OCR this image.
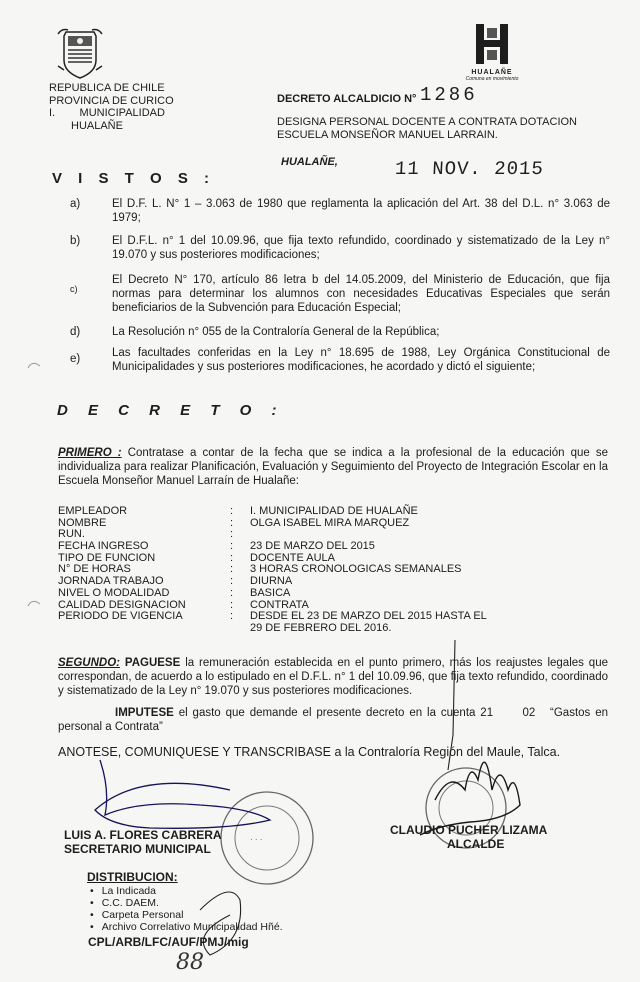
REPUBLICA DE CHILE
PROVINCIA DE CURICO
I.        MUNICIPALIDAD
HUALAÑE
HUALAÑE
Comuna en movimiento
DECRETO ALCALDICIO N° 1286
DESIGNA PERSONAL DOCENTE A CONTRATA DOTACION ESCUELA MONSEÑOR MANUEL LARRAIN.
HUALAÑE,	11 NOV. 2015
V I S T O S :
a)	El D.F. L. N° 1 – 3.063 de 1980 que reglamenta la aplicación del Art. 38 del D.L. n° 3.063 de 1979;
b)	El D.F.L. n° 1 del 10.09.96, que fija texto refundido, coordinado y sistematizado de la Ley n° 19.070 y sus posteriores modificaciones;
c)
El Decreto N° 170, artículo 86 letra b del 14.05.2009, del Ministerio de Educación, que fija normas para determinar los alumnos con necesidades Educativas Especiales que serán beneficiarios de la Subvención para Educación Especial;
d)	La Resolución n° 055 de la Contraloría General de la República;
e)	Las facultades conferidas en la Ley n° 18.695 de 1988, Ley Orgánica Constitucional de Municipalidades y sus posteriores modificaciones, he acordado y dictó el siguiente;
D E C R E T O :
PRIMERO : Contratase a contar de la fecha que se indica a la profesional de la educación que se individualiza para realizar Planificación, Evaluación y Seguimiento del Proyecto de Integración Escolar en la Escuela Monseñor Manuel Larraín de Hualañe:
EMPLEADOR	: I. MUNICIPALIDAD DE HUALAÑE
NOMBRE	: OLGA ISABEL MIRA MARQUEZ
RUN.	:
FECHA INGRESO	: 23 DE MARZO DEL 2015
TIPO DE FUNCION	: DOCENTE AULA
N° DE HORAS	: 3 HORAS CRONOLOGICAS SEMANALES
JORNADA TRABAJO	: DIURNA
NIVEL O MODALIDAD	: BASICA
CALIDAD DESIGNACION	: CONTRATA
PERIODO DE VIGENCIA	: DESDE EL 23 DE MARZO DEL 2015 HASTA EL 29 DE FEBRERO DEL 2016.
SEGUNDO: PAGUESE la remuneración establecida en el punto primero, más los reajustes legales que correspondan, de acuerdo a lo estipulado en el D.F.L. n° 1 del 10.09.96, que fija texto refundido, coordinado y sistematizado de la Ley n° 19.070 y sus posteriores modificaciones.
IMPUTESE el gasto que demande el presente decreto en la cuenta 21      02   “Gastos en personal a Contrata”
ANOTESE, COMUNIQUESE Y TRANSCRIBASE a la Contraloría Región del Maule, Talca.
· · ·
LUIS A. FLORES CABRERA
SECRETARIO MUNICIPAL
CLAUDIO PUCHER LIZAMA
ALCALDE
DISTRIBUCION:
• La Indicada
• C.C. DAEM.
• Carpeta Personal
• Archivo Correlativo Municipalidad Hñé.
CPL/ARB/LFC/AUF/PMJ/mig
88
